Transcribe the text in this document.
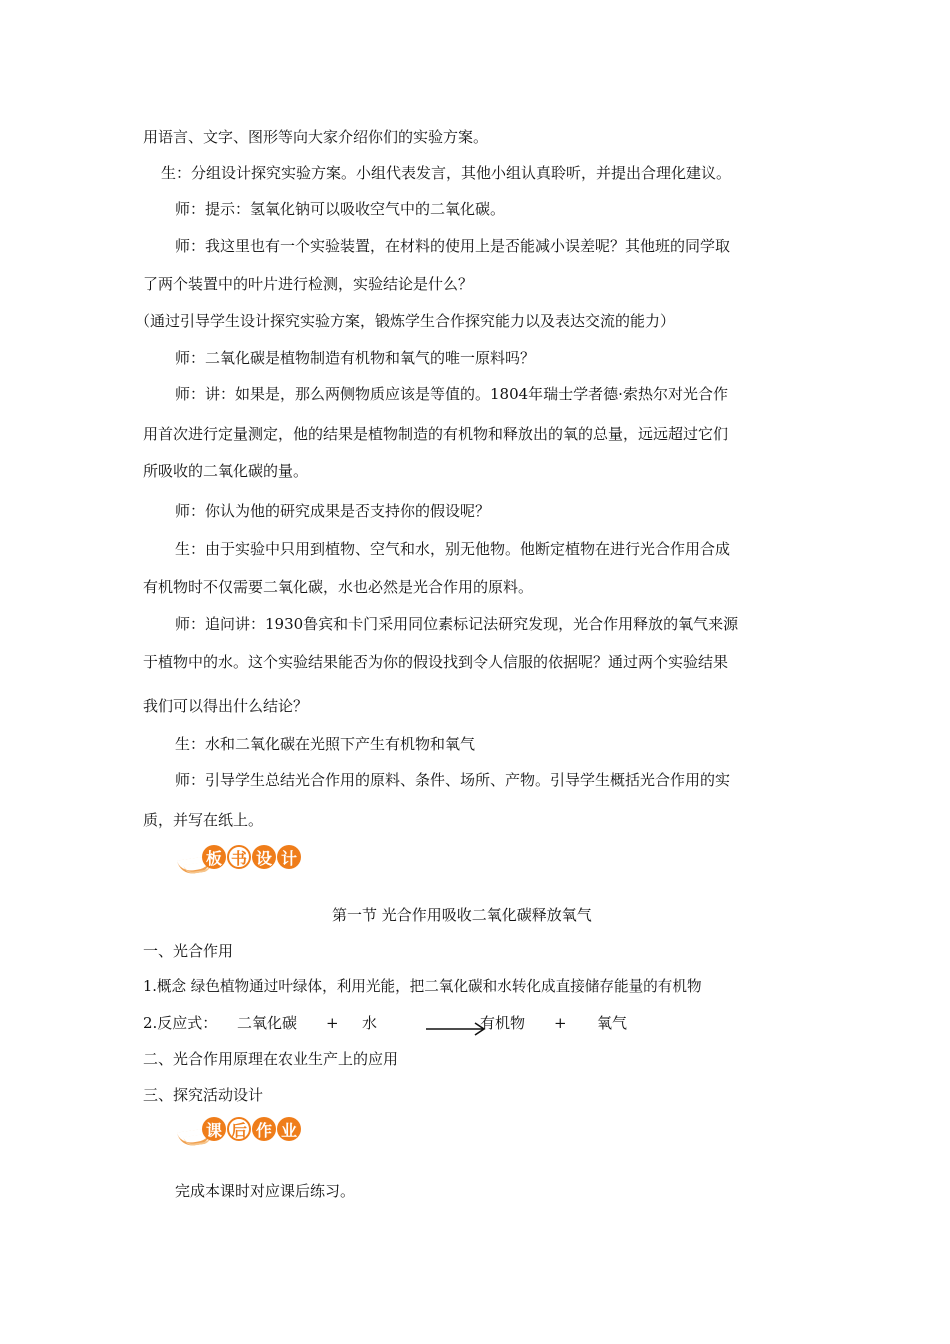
用语言、文字、图形等向大家介绍你们的实验方案。
生：分组设计探究实验方案。小组代表发言，其他小组认真聆听，并提出合理化建议。
师：提示：氢氧化钠可以吸收空气中的二氧化碳。
师：我这里也有一个实验装置，在材料的使用上是否能减小误差呢？其他班的同学取
了两个装置中的叶片进行检测，实验结论是什么？
（通过引导学生设计探究实验方案，锻炼学生合作探究能力以及表达交流的能力）
师：二氧化碳是植物制造有机物和氧气的唯一原料吗？
师：讲：如果是，那么两侧物质应该是等值的。1804年瑞士学者德·索热尔对光合作
用首次进行定量测定，他的结果是植物制造的有机物和释放出的氧的总量，远远超过它们
所吸收的二氧化碳的量。
师：你认为他的研究成果是否支持你的假设呢？
生：由于实验中只用到植物、空气和水，别无他物。他断定植物在进行光合作用合成
有机物时不仅需要二氧化碳，水也必然是光合作用的原料。
师：追问讲：1930鲁宾和卡门采用同位素标记法研究发现，光合作用释放的氧气来源
于植物中的水。这个实验结果能否为你的假设找到令人信服的依据呢？通过两个实验结果
我们可以得出什么结论？
生：水和二氧化碳在光照下产生有机物和氧气
师：引导学生总结光合作用的原料、条件、场所、产物。引导学生概括光合作用的实
质，并写在纸上。
板 书 设 计
第一节 光合作用吸收二氧化碳释放氧气
一、光合作用
1.概念 绿色植物通过叶绿体，利用光能，把二氧化碳和水转化成直接储存能量的有机物
2.反应式： 二氧化碳 + 水	有机物 + 氧气
二、光合作用原理在农业生产上的应用
三、探究活动设计
课 后 作 业
完成本课时对应课后练习。
